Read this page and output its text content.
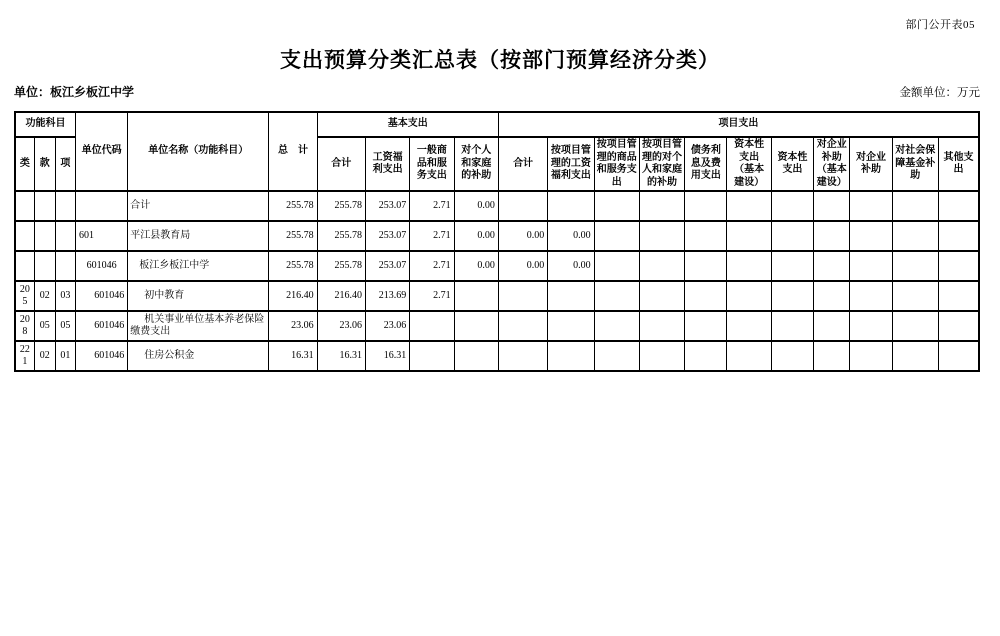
部门公开表05
支出预算分类汇总表（按部门预算经济分类）
单位：板江乡板江中学	金额单位：万元
功能科目			单位代码	单位名称（功能科目）	总　计	基本支出				项目支出										
类	款	项				合计	工资福利支出	一般商品和服务支出	对个人和家庭的补助	合计	按项目管理的工资福利支出	按项目管理的商品和服务支出	按项目管理的对个人和家庭的补助	债务利息及费用支出	资本性支出（基本建设）	资本性支出	对企业补助（基本建设）	对企业补助	对社会保障基金补助	其他支出
				合计	255.78	255.78	253.07	2.71	0.00											
			601	平江县教育局	255.78	255.78	253.07	2.71	0.00	0.00	0.00									
			601046	板江乡板江中学	255.78	255.78	253.07	2.71	0.00	0.00	0.00									
205	02	03	601046	初中教育	216.40	216.40	213.69	2.71												
208	05	05	601046	机关事业单位基本养老保险缴费支出	23.06	23.06	23.06													
221	02	01	601046	住房公积金	16.31	16.31	16.31													
